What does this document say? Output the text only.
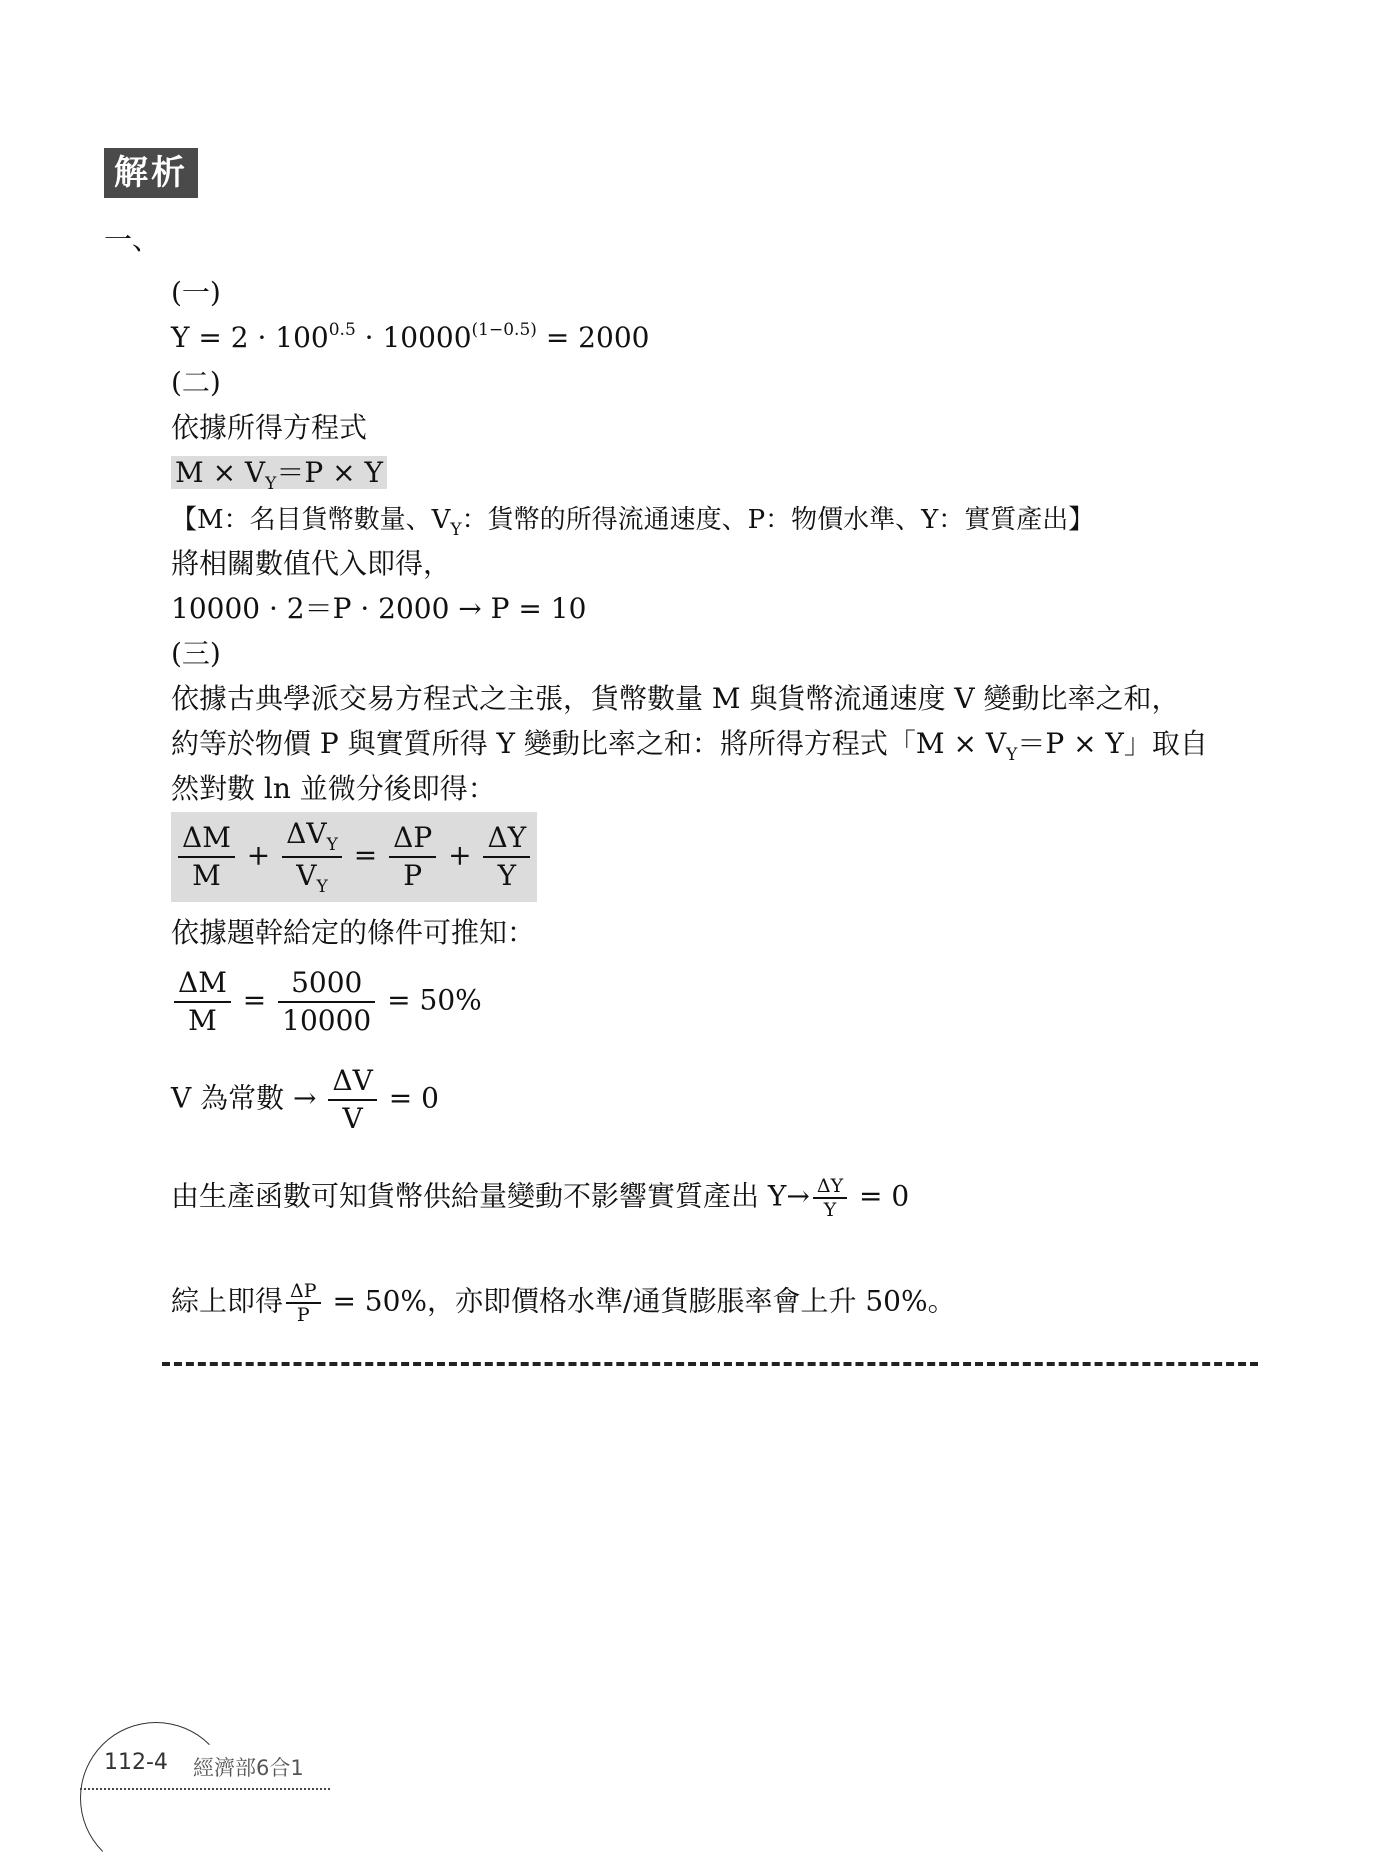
解析
一、
(一)
$Y = 2 \cdot 100^{0.5} \cdot 10000^{(1-0.5)} = 2000$
(二)
依據所得方程式
$M \times V_Y=P \times Y$
【M：名目貨幣數量、$V_Y$：貨幣的所得流通速度、P：物價水準、Y：實質產出】
將相關數值代入即得，
10000 · 2＝P · 2000 → P = 10
(三)
依據古典學派交易方程式之主張，貨幣數量 M 與貨幣流通速度 V 變動比率之和，
約等於物價 P 與實質所得 Y 變動比率之和：將所得方程式「$M \times V_Y=P \times Y$」取自
然對數 ln 並微分後即得：
$\frac{\Delta M}{M} + \frac{\Delta V_Y}{V_Y} = \frac{\Delta P}{P} + \frac{\Delta Y}{Y}$
依據題幹給定的條件可推知：
$\frac{\Delta M}{M} = \frac{5000}{10000} = 50\%$
V 為常數 → $\frac{\Delta V}{V} = 0$
由生產函數可知貨幣供給量變動不影響實質產出 $Y\to \frac{\Delta Y}{Y} = 0$
綜上即得 $\frac{\Delta P}{P} = 50\%$，亦即價格水準/通貨膨脹率會上升 50%。
112-4 經濟部6合1
